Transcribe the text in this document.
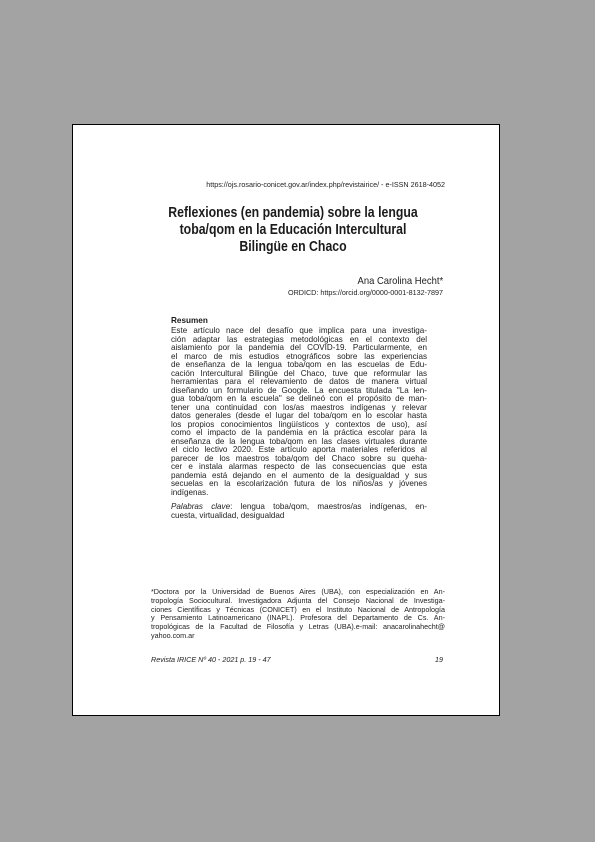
https://ojs.rosario-conicet.gov.ar/index.php/revistairice/ - e-ISSN 2618-4052
Reflexiones (en pandemia) sobre la lengua
toba/qom en la Educación Intercultural
Bilingüe en Chaco
Ana Carolina Hecht*
ORDICD: https://orcid.org/0000-0001-8132-7897
Resumen
Este artículo nace del desafío que implica para una investiga-
ción adaptar las estrategias metodológicas en el contexto del
aislamiento por la pandemia del COVID-19. Particularmente, en
el marco de mis estudios etnográficos sobre las experiencias
de enseñanza de la lengua toba/qom en las escuelas de Edu-
cación Intercultural Bilingüe del Chaco, tuve que reformular las
herramientas para el relevamiento de datos de manera virtual
diseñando un formulario de Google. La encuesta titulada "La len-
gua toba/qom en la escuela" se delineó con el propósito de man-
tener una continuidad con los/as maestros indígenas y relevar
datos generales (desde el lugar del toba/qom en lo escolar hasta
los propios conocimientos lingüísticos y contextos de uso), así
como el impacto de la pandemia en la práctica escolar para la
enseñanza de la lengua toba/qom en las clases virtuales durante
el ciclo lectivo 2020. Este artículo aporta materiales referidos al
parecer de los maestros toba/qom del Chaco sobre su queha-
cer e instala alarmas respecto de las consecuencias que esta
pandemia está dejando en el aumento de la desigualdad y sus
secuelas en la escolarización futura de los niños/as y jóvenes
indígenas.
Palabras clave: lengua toba/qom, maestros/as indígenas, en-
cuesta, virtualidad, desigualdad
*Doctora por la Universidad de Buenos Aires (UBA), con especialización en An-
tropología Sociocultural. Investigadora Adjunta del Consejo Nacional de Investiga-
ciones Científicas y Técnicas (CONICET) en el Instituto Nacional de Antropología
y Pensamiento Latinoamericano (INAPL). Profesora del Departamento de Cs. An-
tropológicas de la Facultad de Filosofía y Letras (UBA).e-mail: anacarolinahecht@
yahoo.com.ar
Revista IRICE Nº 40 - 2021 p. 19 - 47	19
